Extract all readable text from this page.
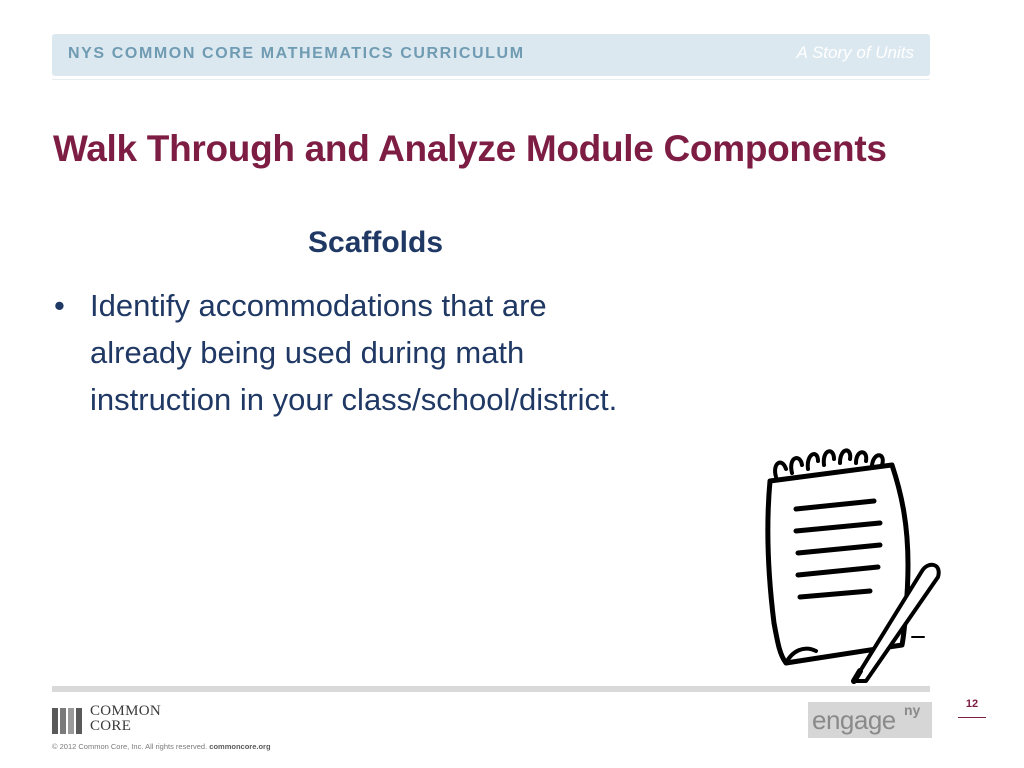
NYS COMMON CORE MATHEMATICS CURRICULUM	A Story of Units
Walk Through and Analyze Module Components
Scaffolds
• Identify accommodations that are already being used during math instruction in your class/school/district.
COMMON
CORE
© 2012 Common Core, Inc. All rights reserved. commoncore.org
engage ny	12
